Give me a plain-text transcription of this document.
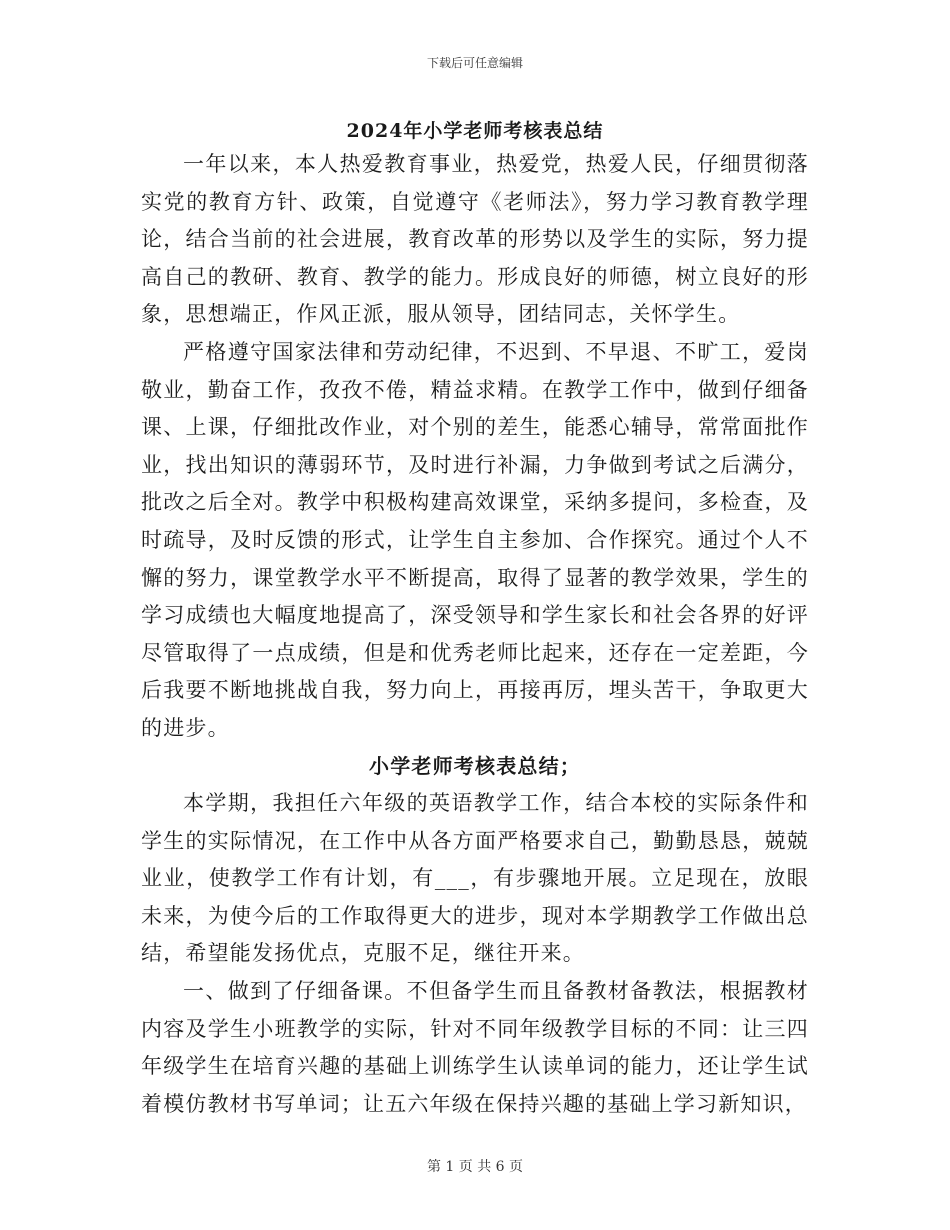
下载后可任意编辑
2024年小学老师考核表总结

一年以来，本人热爱教育事业，热爱党，热爱人民，仔细贯彻落实党的教育方针、政策，自觉遵守《老师法》，努力学习教育教学理论，结合当前的社会进展，教育改革的形势以及学生的实际，努力提高自己的教研、教育、教学的能力。形成良好的师德，树立良好的形象，思想端正，作风正派，服从领导，团结同志，关怀学生。

严格遵守国家法律和劳动纪律，不迟到、不早退、不旷工，爱岗敬业，勤奋工作，孜孜不倦，精益求精。在教学工作中，做到仔细备课、上课，仔细批改作业，对个别的差生，能悉心辅导，常常面批作业，找出知识的薄弱环节，及时进行补漏，力争做到考试之后满分，批改之后全对。教学中积极构建高效课堂，采纳多提问，多检查，及时疏导，及时反馈的形式，让学生自主参加、合作探究。通过个人不懈的努力，课堂教学水平不断提高，取得了显著的教学效果，学生的学习成绩也大幅度地提高了，深受领导和学生家长和社会各界的好评尽管取得了一点成绩，但是和优秀老师比起来，还存在一定差距，今后我要不断地挑战自我，努力向上，再接再厉，埋头苦干，争取更大的进步。

小学老师考核表总结；

本学期，我担任六年级的英语教学工作，结合本校的实际条件和学生的实际情况，在工作中从各方面严格要求自己，勤勤恳恳，兢兢业业，使教学工作有计划，有___，有步骤地开展。立足现在，放眼未来，为使今后的工作取得更大的进步，现对本学期教学工作做出总结，希望能发扬优点，克服不足，继往开来。

一、做到了仔细备课。不但备学生而且备教材备教法，根据教材内容及学生小班教学的实际，针对不同年级教学目标的不同：让三四年级学生在培育兴趣的基础上训练学生认读单词的能力，还让学生试着模仿教材书写单词；让五六年级在保持兴趣的基础上学习新知识，

第 1 页 共 6 页
